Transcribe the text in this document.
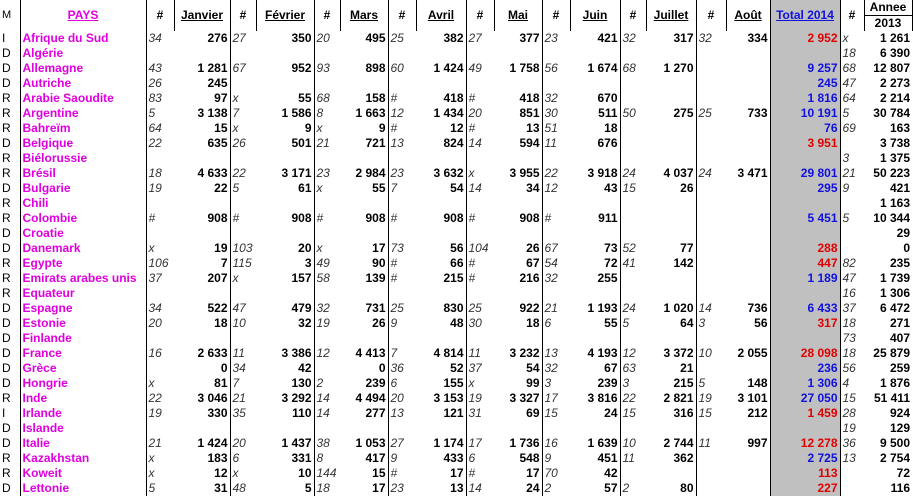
M	PAYS	#	Janvier	#	Février	#	Mars	#	Avril	#	Mai	#	Juin	#	Juillet	#	Août	Total 2014	#	Annee
																				2013
I	Afrique du Sud	34	276	27	350	20	495	25	382	27	377	23	421	32	317	32	334	2 952	x	1 261
D	Algérie																		18	6 390
D	Allemagne	43	1 281	67	952	93	898	60	1 424	49	1 758	56	1 674	68	1 270			9 257	68	12 807
D	Autriche	26	245															245	47	2 273
R	Arabie Saoudite	83	97	x	55	68	158	#	418	#	418	32	670					1 816	64	2 214
R	Argentine	5	3 138	7	1 586	8	1 663	12	1 434	20	851	30	511	50	275	25	733	10 191	5	30 784
R	Bahreïm	64	15	x	9	x	9	#	12	#	13	51	18					76	69	163
D	Belgique	22	635	26	501	21	721	13	824	14	594	11	676					3 951		3 738
R	Biélorussie																		3	1 375
R	Brésil	18	4 633	22	3 171	23	2 984	23	3 632	x	3 955	22	3 918	24	4 037	24	3 471	29 801	21	50 223
D	Bulgarie	19	22	5	61	x	55	7	54	14	34	12	43	15	26			295	9	421
R	Chili																			1 163
R	Colombie	#	908	#	908	#	908	#	908	#	908	#	911					5 451	5	10 344
D	Croatie																			29
D	Danemark	x	19	103	20	x	17	73	56	104	26	67	73	52	77			288		0
R	Egypte	106	7	115	3	49	90	#	66	#	67	54	72	41	142			447	82	235
R	Emirats arabes unis	37	207	x	157	58	139	#	215	#	216	32	255					1 189	47	1 739
R	Equateur																		16	1 306
D	Espagne	34	522	47	479	32	731	25	830	25	922	21	1 193	24	1 020	14	736	6 433	37	6 472
D	Estonie	20	18	10	32	19	26	9	48	30	18	6	55	5	64	3	56	317	18	271
D	Finlande																		73	407
D	France	16	2 633	11	3 386	12	4 413	7	4 814	11	3 232	13	4 193	12	3 372	10	2 055	28 098	18	25 879
D	Grèce		0	34	42		0	36	52	37	54	32	67	63	21			236	56	259
D	Hongrie	x	81	7	130	2	239	6	155	x	99	3	239	3	215	5	148	1 306	4	1 876
R	Inde	22	3 046	21	3 292	14	4 494	20	3 153	19	3 327	17	3 816	22	2 821	19	3 101	27 050	15	51 411
I	Irlande	19	330	35	110	14	277	13	121	31	69	15	24	15	316	15	212	1 459	28	924
D	Islande																		19	129
D	Italie	21	1 424	20	1 437	38	1 053	27	1 174	17	1 736	16	1 639	10	2 744	11	997	12 278	36	9 500
R	Kazakhstan	x	183	6	331	8	417	9	433	6	548	9	451	11	362			2 725	13	2 754
R	Koweit	x	12	x	10	144	15	#	17	#	17	70	42					113		72
D	Lettonie	5	31	48	5	18	17	23	13	14	24	2	57	2	80			227		116
